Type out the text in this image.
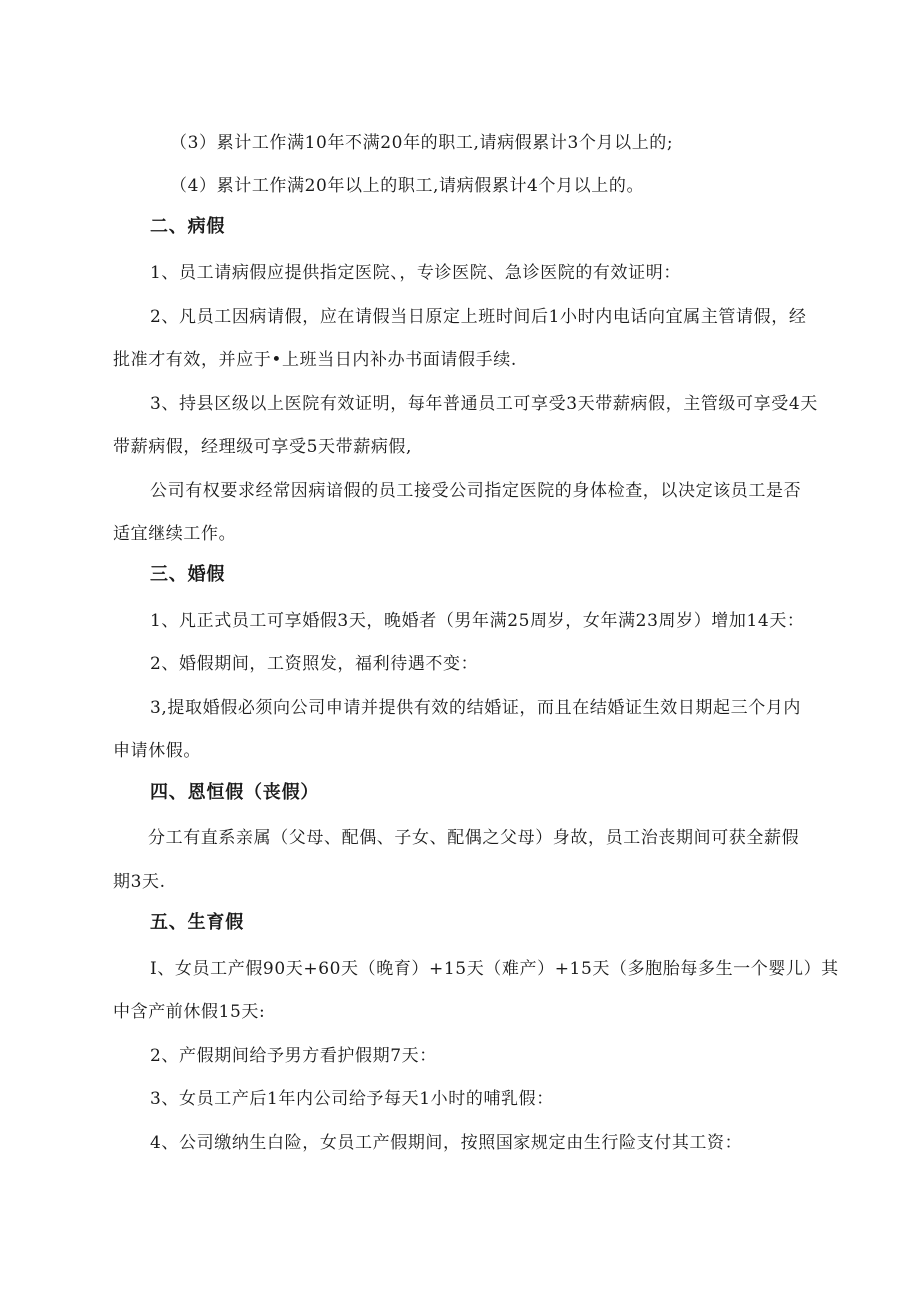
（3）累计工作满10年不满20年的职工,请病假累计3个月以上的;
（4）累计工作满20年以上的职工,请病假累计4个月以上的。
二、病假
1、员工请病假应提供指定医院、，专诊医院、急诊医院的有效证明：
2、凡员工因病请假，应在请假当日原定上班时间后1小时内电话向宜属主管请假，经
批准才有效，并应于•上班当日内补办书面请假手续.
3、持县区级以上医院有效证明，每年普通员工可享受3天带薪病假，主管级可享受4天
带薪病假，经理级可享受5天带薪病假,
公司有权要求经常因病谙假的员工接受公司指定医院的身体检查，以决定该员工是否
适宜继续工作。
三、婚假
1、凡正式员工可享婚假3天，晚婚者（男年满25周岁，女年满23周岁）增加14天：
2、婚假期间，工资照发，福利待遇不变：
3,提取婚假必须向公司申请并提供有效的结婚证，而且在结婚证生效日期起三个月内
申请休假。
四、恩恒假（丧假）
分工有直系亲属（父母、配偶、子女、配偶之父母）身故，员工治丧期间可获全薪假
期3天.
五、生育假
I、女员工产假90天+60天（晚育）+15天（难产）+15天（多胞胎每多生一个婴儿）其
中含产前休假15天:
2、产假期间给予男方看护假期7天：
3、女员工产后1年内公司给予每天1小时的哺乳假：
4、公司缴纳生白险，女员工产假期间，按照国家规定由生行险支付其工资：
